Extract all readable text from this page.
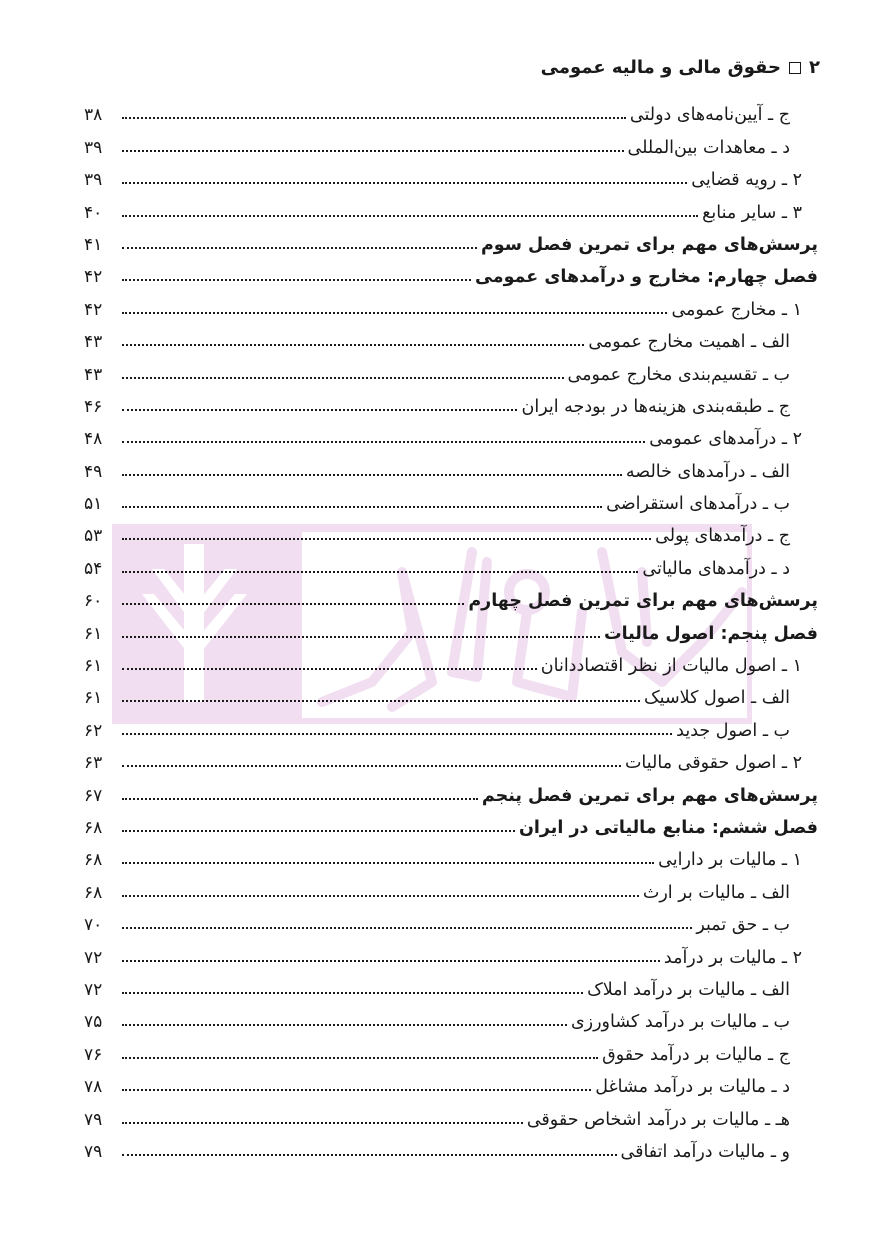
۲
حقوق مالی و مالیه عمومی
ج ـ آیین‌نامه‌های دولتی
۳۸
د ـ معاهدات بین‌المللی
۳۹
۲ ـ رویه قضایی
۳۹
۳ ـ سایر منابع
۴۰
پرسش‌های مهم برای تمرین فصل سوم
۴۱
فصل چهارم: مخارج و درآمدهای عمومی
۴۲
۱ ـ مخارج عمومی
۴۲
الف ـ اهمیت مخارج عمومی
۴۳
ب ـ تقسیم‌بندی مخارج عمومی
۴۳
ج ـ طبقه‌بندی هزینه‌ها در بودجه ایران
۴۶
۲ ـ درآمدهای عمومی
۴۸
الف ـ درآمدهای خالصه
۴۹
ب ـ درآمدهای استقراضی
۵۱
ج ـ درآمدهای پولی
۵۳
د ـ درآمدهای مالیاتی
۵۴
پرسش‌های مهم برای تمرین فصل چهارم
۶۰
فصل پنجم: اصول مالیات
۶۱
۱ ـ اصول مالیات از نظر اقتصاددانان
۶۱
الف ـ اصول کلاسیک
۶۱
ب ـ اصول جدید
۶۲
۲ ـ اصول حقوقی مالیات
۶۳
پرسش‌های مهم برای تمرین فصل پنجم
۶۷
فصل ششم: منابع مالیاتی در ایران
۶۸
۱ ـ مالیات بر دارایی
۶۸
الف ـ مالیات بر ارث
۶۸
ب ـ حق تمبر
۷۰
۲ ـ مالیات بر درآمد
۷۲
الف ـ مالیات بر درآمد املاک
۷۲
ب ـ مالیات بر درآمد کشاورزی
۷۵
ج ـ مالیات بر درآمد حقوق
۷۶
د ـ مالیات بر درآمد مشاغل
۷۸
هـ ـ مالیات بر درآمد اشخاص حقوقی
۷۹
و ـ مالیات درآمد اتفاقی
۷۹
